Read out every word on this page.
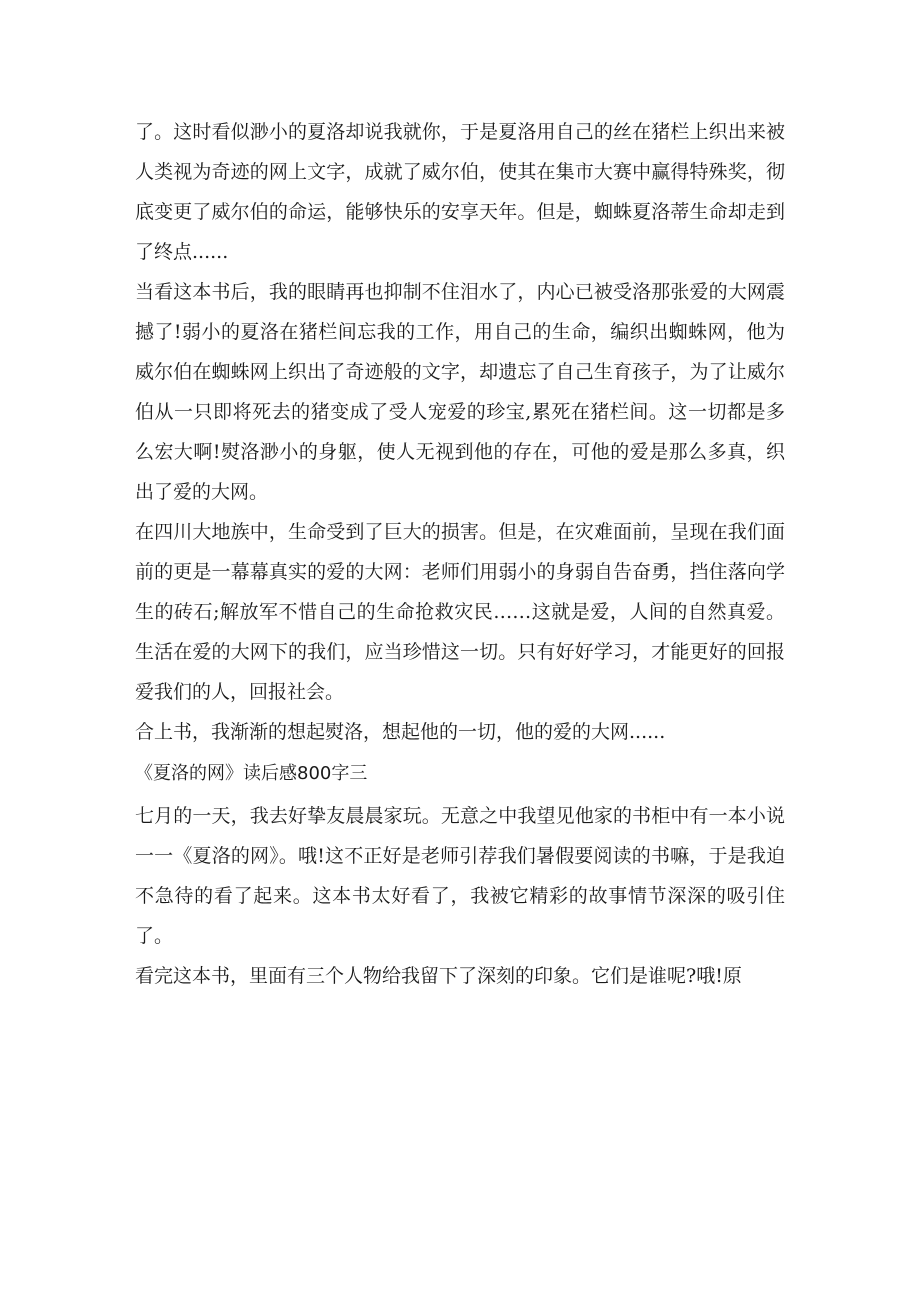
了。这时看似渺小的夏洛却说我就你，于是夏洛用自己的丝在猪栏上织出来被人类视为奇迹的网上文字，成就了威尔伯，使其在集市大赛中赢得特殊奖，彻底变更了威尔伯的命运，能够快乐的安享天年。但是，蜘蛛夏洛蒂生命却走到了终点......

当看这本书后，我的眼睛再也抑制不住泪水了，内心已被受洛那张爱的大网震撼了!弱小的夏洛在猪栏间忘我的工作，用自己的生命，编织出蜘蛛网，他为威尔伯在蜘蛛网上织出了奇迹般的文字，却遗忘了自己生育孩子，为了让威尔伯从一只即将死去的猪变成了受人宠爱的珍宝,累死在猪栏间。这一切都是多么宏大啊!熨洛渺小的身躯，使人无视到他的存在，可他的爱是那么多真，织出了爱的大网。

在四川大地族中，生命受到了巨大的损害。但是，在灾难面前，呈现在我们面前的更是一幕幕真实的爱的大网：老师们用弱小的身弱自告奋勇，挡住落向学生的砖石;解放军不惜自己的生命抢救灾民……这就是爱，人间的自然真爱。生活在爱的大网下的我们，应当珍惜这一切。只有好好学习，才能更好的回报爱我们的人，回报社会。

合上书，我渐渐的想起熨洛，想起他的一切，他的爱的大网......

《夏洛的网》读后感800字三

七月的一天，我去好挚友晨晨家玩。无意之中我望见他家的书柜中有一本小说一一《夏洛的网》。哦!这不正好是老师引荐我们暑假要阅读的书嘛，于是我迫不急待的看了起来。这本书太好看了，我被它精彩的故事情节深深的吸引住了。

看完这本书，里面有三个人物给我留下了深刻的印象。它们是谁呢?哦!原
